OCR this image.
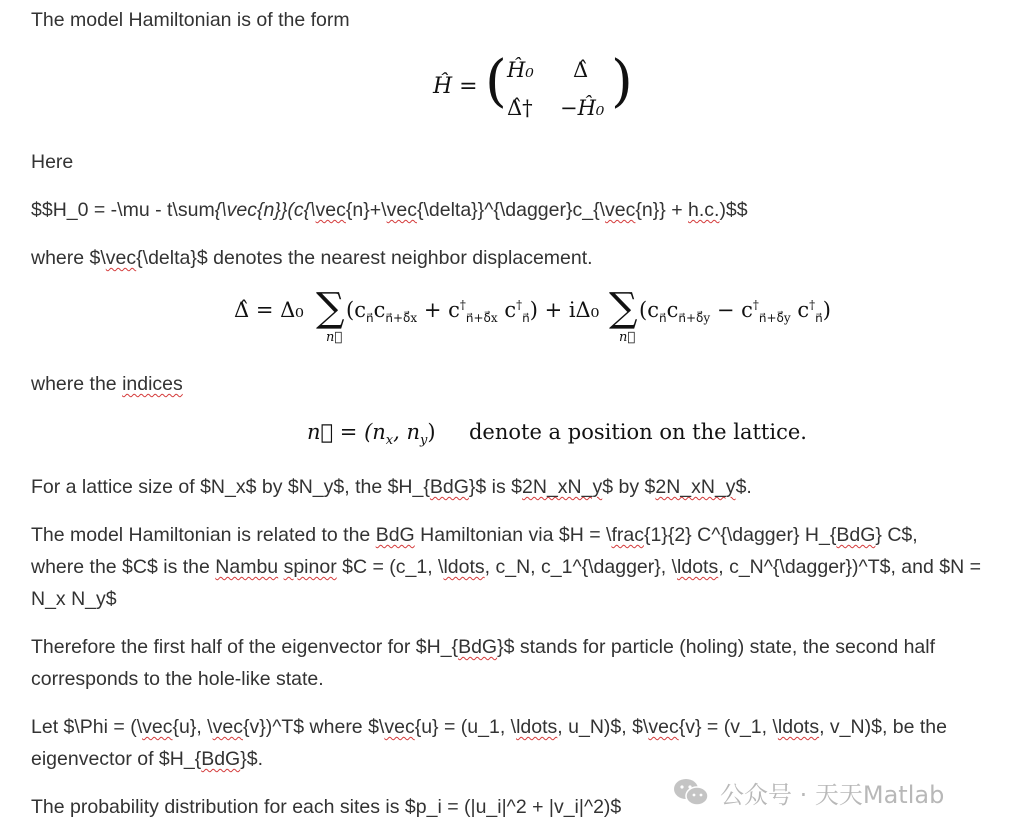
The model Hamiltonian is of the form

Ĥ = ( Ĥ₀ Δ̂
Δ̂† −Ĥ₀ )

Here

$$H_0 = -\mu - t\sum{\vec{n}}(c{\vec{n}+\vec{\delta}}^{\dagger}c_{\vec{n}} + h.c.)$$

where $\vec{\delta}$ denotes the nearest neighbor displacement.

Δ̂ = Δ₀ ∑
n⃗
($c_{n⃗}c_{n⃗+\delta⃗x} + c^\dagger_{n⃗+\delta⃗x}$ $c^\dagger_{n⃗}) + i\Delta_0$ ∑
n⃗
($c_{n⃗}c_{n⃗+\delta⃗y} - c^\dagger_{n⃗+\delta⃗y}$ $c^\dagger_{n⃗}$)

where the indices

n⃗ = ($n_x$, $n_y$) denote a position on the lattice.

For a lattice size of $N_x$ by $N_y$, the $H_{BdG}$ is $2N_xN_y$ by $2N_xN_y$.

The model Hamiltonian is related to the BdG Hamiltonian via $H = \frac{1}{2} C^{\dagger} H_{BdG} C$,

where the $C$ is the Nambu spinor $C = (c_1, \ldots, c_N, c_1^{\dagger}, \ldots, c_N^{\dagger})^T$, and $N =

N_x N_y$

Therefore the first half of the eigenvector for $H_{BdG}$ stands for particle (holing) state, the second half

corresponds to the hole-like state.

Let $\Phi = (\vec{u}, \vec{v})^T$ where $\vec{u} = (u_1, \ldots, u_N)$, $\vec{v} = (v_1, \ldots, v_N)$, be the

eigenvector of $H_{BdG}$.

The probability distribution for each sites is $p_i = (|u_i|^2 + |v_i|^2)$	公众号 · 天天Matlab
